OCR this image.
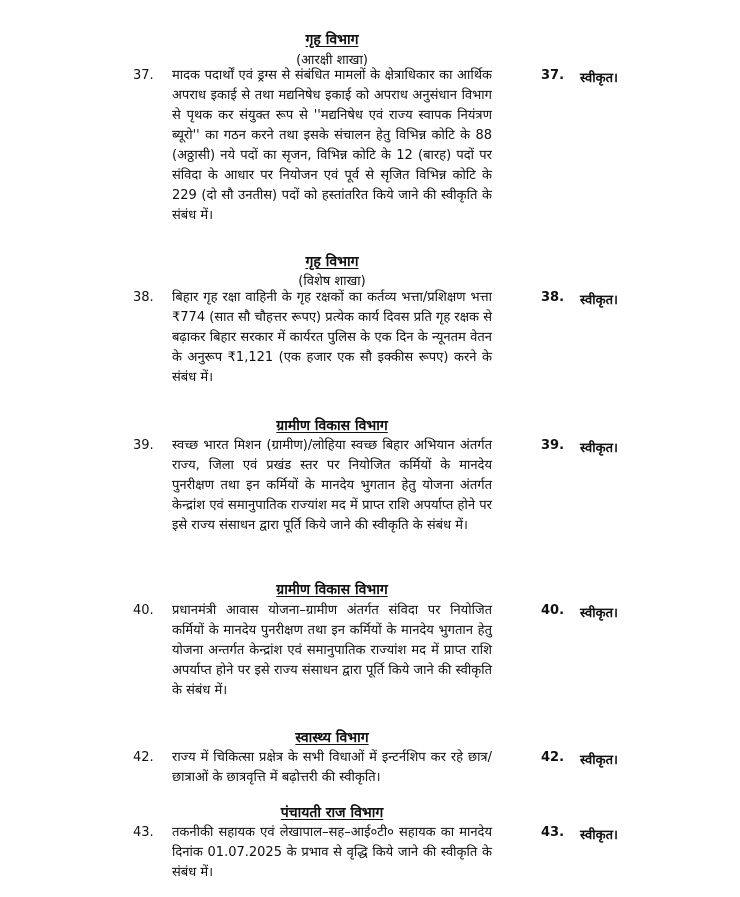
गृह विभाग
(आरक्षी शाखा)
37. मादक पदार्थों एवं ड्रग्स से संबंधित मामलों के क्षेत्राधिकार का आर्थिक अपराध इकाई से तथा मद्यनिषेध इकाई को अपराध अनुसंधान विभाग से पृथक कर संयुक्त रूप से ''मद्यनिषेध एवं राज्य स्वापक नियंत्रण ब्यूरो'' का गठन करने तथा इसके संचालन हेतु विभिन्न कोटि के 88 (अठ्ठासी) नये पदों का सृजन, विभिन्न कोटि के 12 (बारह) पदों पर संविदा के आधार पर नियोजन एवं पूर्व से सृजित विभिन्न कोटि के 229 (दो सौ उनतीस) पदों को हस्तांतरित किये जाने की स्वीकृति के संबंध में।

37. स्वीकृत।
गृह विभाग
(विशेष शाखा)
38. बिहार गृह रक्षा वाहिनी के गृह रक्षकों का कर्तव्य भत्ता/प्रशिक्षण भत्ता ₹774 (सात सौ चौहत्तर रूपए) प्रत्येक कार्य दिवस प्रति गृह रक्षक से बढ़ाकर बिहार सरकार में कार्यरत पुलिस के एक दिन के न्यूनतम वेतन के अनुरूप ₹1,121 (एक हजार एक सौ इक्कीस रूपए) करने के संबंध में।

38. स्वीकृत।
ग्रामीण विकास विभाग
39. स्वच्छ भारत मिशन (ग्रामीण)/लोहिया स्वच्छ बिहार अभियान अंतर्गत राज्य, जिला एवं प्रखंड स्तर पर नियोजित कर्मियों के मानदेय पुनरीक्षण तथा इन कर्मियों के मानदेय भुगतान हेतु योजना अंतर्गत केन्द्रांश एवं समानुपातिक राज्यांश मद में प्राप्त राशि अपर्याप्त होने पर इसे राज्य संसाधन द्वारा पूर्ति किये जाने की स्वीकृति के संबंध में।

39. स्वीकृत।
ग्रामीण विकास विभाग
40. प्रधानमंत्री आवास योजना–ग्रामीण अंतर्गत संविदा पर नियोजित कर्मियों के मानदेय पुनरीक्षण तथा इन कर्मियों के मानदेय भुगतान हेतु योजना अन्तर्गत केन्द्रांश एवं समानुपातिक राज्यांश मद में प्राप्त राशि अपर्याप्त होने पर इसे राज्य संसाधन द्वारा पूर्ति किये जाने की स्वीकृति के संबंध में।

40. स्वीकृत।
स्वास्थ्य विभाग
42. राज्य में चिकित्सा प्रक्षेत्र के सभी विधाओं में इन्टर्नशिप कर रहे छात्र/छात्राओं के छात्रवृत्ति में बढ़ोत्तरी की स्वीकृति।

42. स्वीकृत।
पंचायती राज विभाग
43. तकनीकी सहायक एवं लेखापाल–सह–आई०टी० सहायक का मानदेय दिनांक 01.07.2025 के प्रभाव से वृद्धि किये जाने की स्वीकृति के संबंध में।

43. स्वीकृत।
